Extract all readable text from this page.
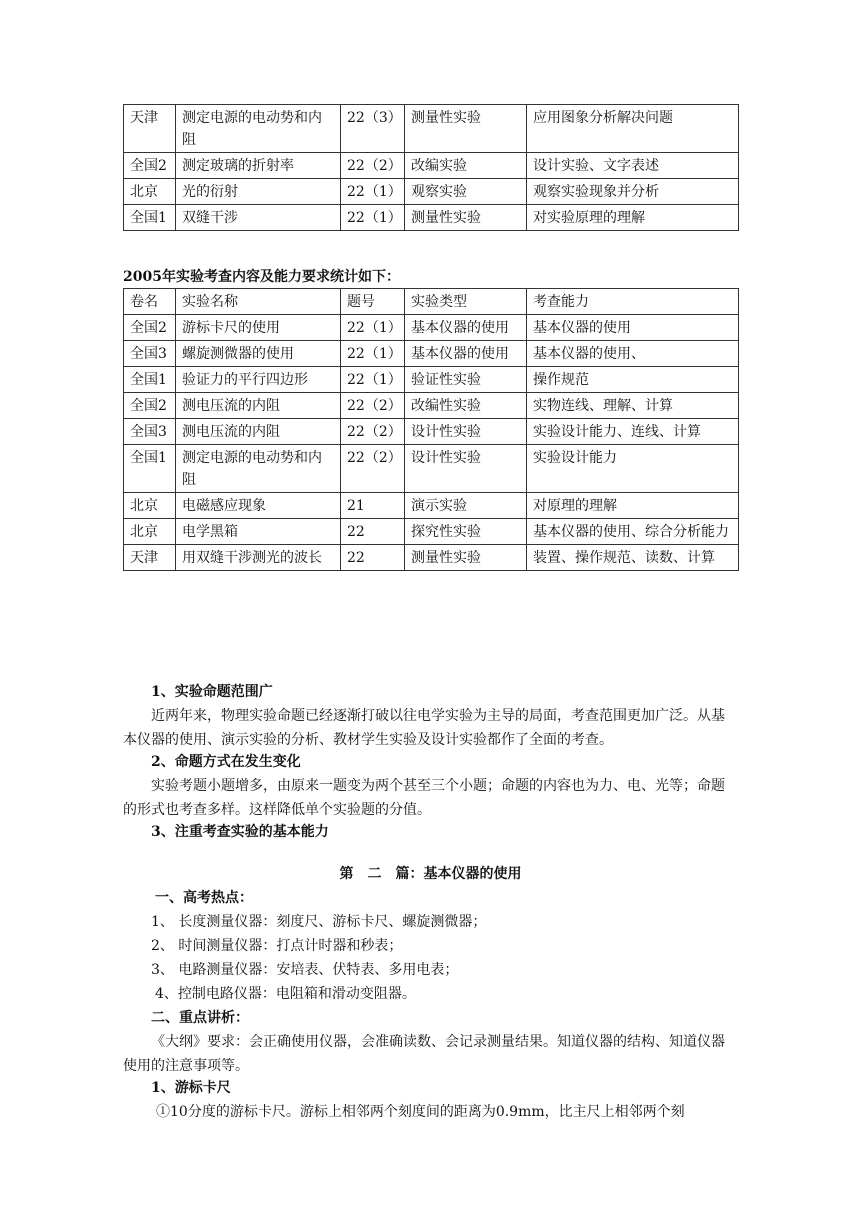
天津	测定电源的电动势和内阻	22（3）	测量性实验	应用图象分析解决问题
全国2	测定玻璃的折射率	22（2）	改编实验	设计实验、文字表述
北京	光的衍射	22（1）	观察实验	观察实验现象并分析
全国1	双缝干涉	22（1）	测量性实验	对实验原理的理解
2005年实验考查内容及能力要求统计如下：
卷名	实验名称	题号	实验类型	考查能力
全国2	游标卡尺的使用	22（1）	基本仪器的使用	基本仪器的使用
全国3	螺旋测微器的使用	22（1）	基本仪器的使用	基本仪器的使用、
全国1	验证力的平行四边形	22（1）	验证性实验	操作规范
全国2	测电压流的内阻	22（2）	改编性实验	实物连线、理解、计算
全国3	测电压流的内阻	22（2）	设计性实验	实验设计能力、连线、计算
全国1	测定电源的电动势和内阻	22（2）	设计性实验	实验设计能力
北京	电磁感应现象	21	演示实验	对原理的理解
北京	电学黑箱	22	探究性实验	基本仪器的使用、综合分析能力
天津	用双缝干涉测光的波长	22	测量性实验	装置、操作规范、读数、计算
1、实验命题范围广
近两年来，物理实验命题已经逐渐打破以往电学实验为主导的局面，考查范围更加广泛。从基本仪器的使用、演示实验的分析、教材学生实验及设计实验都作了全面的考查。
2、命题方式在发生变化
实验考题小题增多，由原来一题变为两个甚至三个小题；命题的内容也为力、电、光等；命题的形式也考查多样。这样降低单个实验题的分值。
3、注重考查实验的基本能力
第　二　篇：基本仪器的使用
一、高考热点：
1、 长度测量仪器：刻度尺、游标卡尺、螺旋测微器；
2、 时间测量仪器：打点计时器和秒表；
3、 电路测量仪器：安培表、伏特表、多用电表；
4、控制电路仪器：电阻箱和滑动变阻器。
二、重点讲析：
《大纲》要求：会正确使用仪器，会准确读数、会记录测量结果。知道仪器的结构、知道仪器使用的注意事项等。
1、游标卡尺
①10分度的游标卡尺。游标上相邻两个刻度间的距离为0.9mm，比主尺上相邻两个刻
